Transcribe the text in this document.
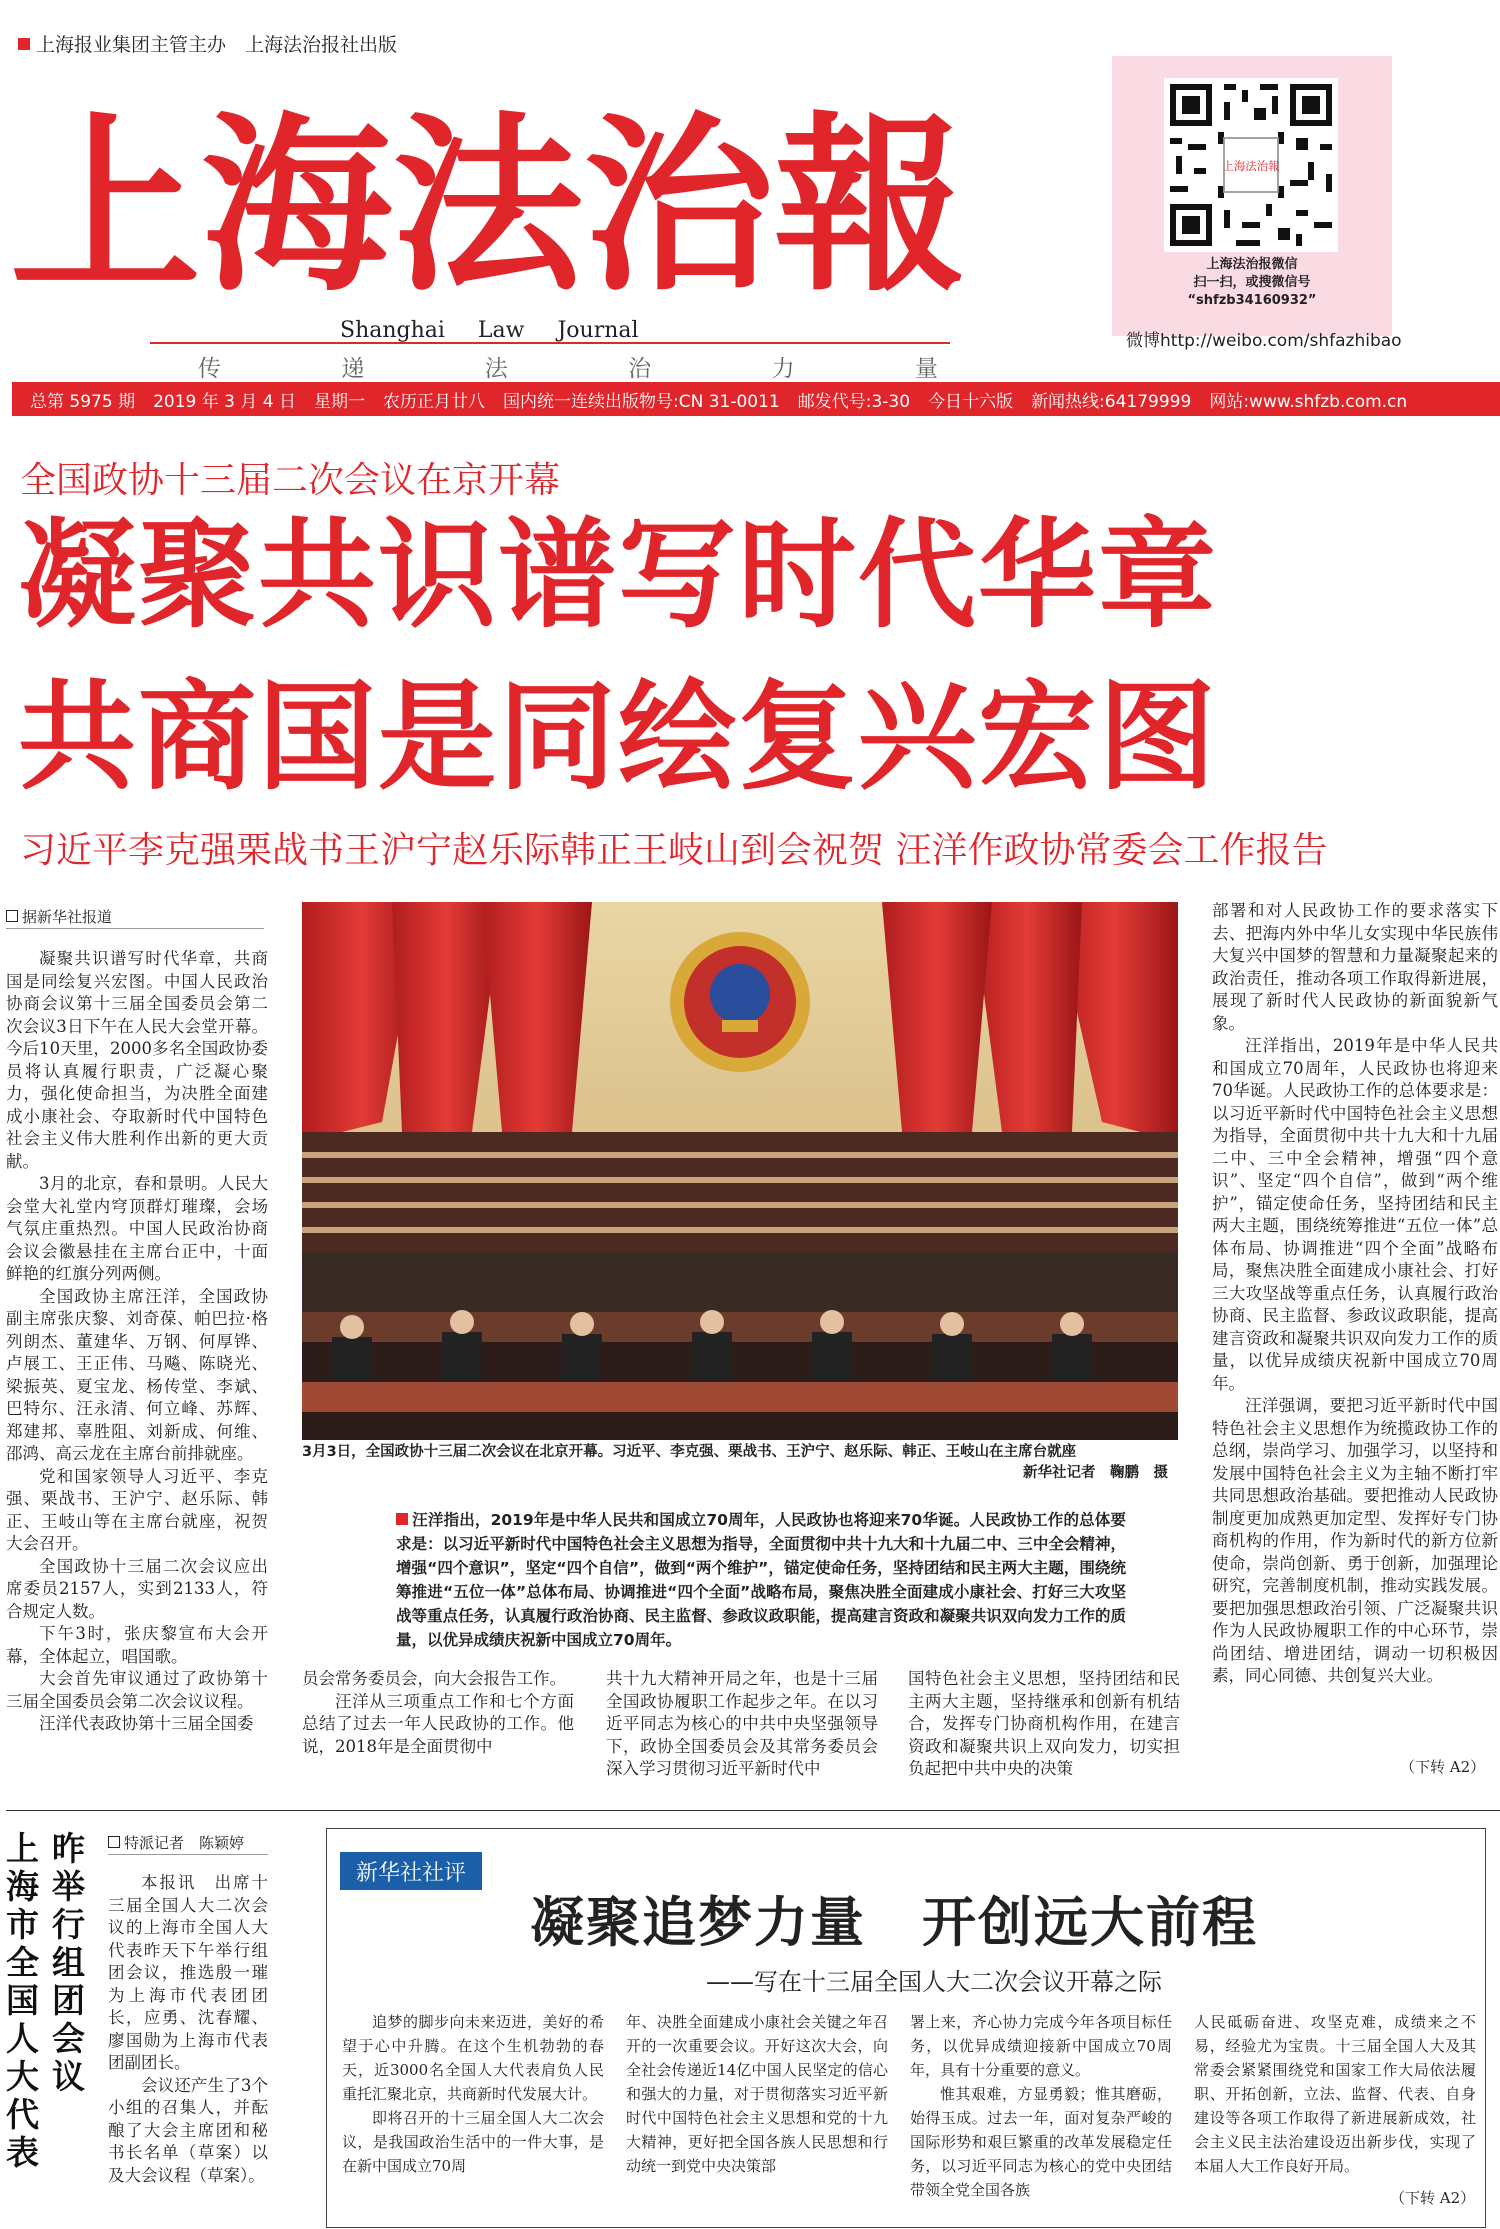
上海报业集团主管主办　上海法治报社出版
上海法治報
Shanghai Law Journal
传	递	法	治	力	量
上海法治報
上海法治报微信
扫一扫，或搜微信号
“shfzb34160932”
微博http://weibo.com/shfazhibao
总第 5975 期 2019 年 3 月 4 日 星期一 农历正月廿八 国内统一连续出版物号:CN 31-0011 邮发代号:3-30 今日十六版 新闻热线:64179999 网站:www.shfzb.com.cn
全国政协十三届二次会议在京开幕
凝聚共识谱写时代华章
共商国是同绘复兴宏图
习近平李克强栗战书王沪宁赵乐际韩正王岐山到会祝贺 汪洋作政协常委会工作报告
据新华社报道

凝聚共识谱写时代华章，共商国是同绘复兴宏图。中国人民政治协商会议第十三届全国委员会第二次会议3日下午在人民大会堂开幕。今后10天里，2000多名全国政协委员将认真履行职责，广泛凝心聚力，强化使命担当，为决胜全面建成小康社会、夺取新时代中国特色社会主义伟大胜利作出新的更大贡献。

3月的北京，春和景明。人民大会堂大礼堂内穹顶群灯璀璨，会场气氛庄重热烈。中国人民政治协商会议会徽悬挂在主席台正中，十面鲜艳的红旗分列两侧。

全国政协主席汪洋，全国政协副主席张庆黎、刘奇葆、帕巴拉·格列朗杰、董建华、万钢、何厚铧、卢展工、王正伟、马飚、陈晓光、梁振英、夏宝龙、杨传堂、李斌、巴特尔、汪永清、何立峰、苏辉、郑建邦、辜胜阻、刘新成、何维、邵鸿、高云龙在主席台前排就座。

党和国家领导人习近平、李克强、栗战书、王沪宁、赵乐际、韩正、王岐山等在主席台就座，祝贺大会召开。

全国政协十三届二次会议应出席委员2157人，实到2133人，符合规定人数。

下午3时，张庆黎宣布大会开幕，全体起立，唱国歌。

大会首先审议通过了政协第十三届全国委员会第二次会议议程。

汪洋代表政协第十三届全国委

3月3日，全国政协十三届二次会议在北京开幕。习近平、李克强、栗战书、王沪宁、赵乐际、韩正、王岐山在主席台就座
新华社记者　鞠鹏　摄
汪洋指出，2019年是中华人民共和国成立70周年，人民政协也将迎来70华诞。人民政协工作的总体要求是：以习近平新时代中国特色社会主义思想为指导，全面贯彻中共十九大和十九届二中、三中全会精神，增强“四个意识”，坚定“四个自信”，做到“两个维护”，锚定使命任务，坚持团结和民主两大主题，围绕统筹推进“五位一体”总体布局、协调推进“四个全面”战略布局，聚焦决胜全面建成小康社会、打好三大攻坚战等重点任务，认真履行政治协商、民主监督、参政议政职能，提高建言资政和凝聚共识双向发力工作的质量，以优异成绩庆祝新中国成立70周年。

员会常务委员会，向大会报告工作。

汪洋从三项重点工作和七个方面总结了过去一年人民政协的工作。他说，2018年是全面贯彻中

共十九大精神开局之年，也是十三届全国政协履职工作起步之年。在以习近平同志为核心的中共中央坚强领导下，政协全国委员会及其常务委员会深入学习贯彻习近平新时代中

国特色社会主义思想，坚持团结和民主两大主题，坚持继承和创新有机结合，发挥专门协商机构作用，在建言资政和凝聚共识上双向发力，切实担负起把中共中央的决策

部署和对人民政协工作的要求落实下去、把海内外中华儿女实现中华民族伟大复兴中国梦的智慧和力量凝聚起来的政治责任，推动各项工作取得新进展，展现了新时代人民政协的新面貌新气象。

汪洋指出，2019年是中华人民共和国成立70周年，人民政协也将迎来70华诞。人民政协工作的总体要求是：以习近平新时代中国特色社会主义思想为指导，全面贯彻中共十九大和十九届二中、三中全会精神，增强“四个意识”、坚定“四个自信”，做到“两个维护”，锚定使命任务，坚持团结和民主两大主题，围绕统筹推进“五位一体”总体布局、协调推进“四个全面”战略布局，聚焦决胜全面建成小康社会、打好三大攻坚战等重点任务，认真履行政治协商、民主监督、参政议政职能，提高建言资政和凝聚共识双向发力工作的质量，以优异成绩庆祝新中国成立70周年。

汪洋强调，要把习近平新时代中国特色社会主义思想作为统揽政协工作的总纲，崇尚学习、加强学习，以坚持和发展中国特色社会主义为主轴不断打牢共同思想政治基础。要把推动人民政协制度更加成熟更加定型、发挥好专门协商机构的作用，作为新时代的新方位新使命，崇尚创新、勇于创新，加强理论研究，完善制度机制，推动实践发展。要把加强思想政治引领、广泛凝聚共识作为人民政协履职工作的中心环节，崇尚团结、增进团结，调动一切积极因素，同心同德、共创复兴大业。

（下转 A2）
昨举行组团会议
上海市全国人大代表
特派记者　陈颖婷

本报讯　出席十三届全国人大二次会议的上海市全国人大代表昨天下午举行组团会议，推选殷一璀为上海市代表团团长，应勇、沈春耀、廖国勋为上海市代表团副团长。

会议还产生了3个小组的召集人，并酝酿了大会主席团和秘书长名单（草案）以及大会议程（草案）。

新华社社评
凝聚追梦力量　开创远大前程
——写在十三届全国人大二次会议开幕之际

追梦的脚步向未来迈进，美好的希望于心中升腾。在这个生机勃勃的春天，近3000名全国人大代表肩负人民重托汇聚北京，共商新时代发展大计。

即将召开的十三届全国人大二次会议，是我国政治生活中的一件大事，是在新中国成立70周

年、决胜全面建成小康社会关键之年召开的一次重要会议。开好这次大会，向全社会传递近14亿中国人民坚定的信心和强大的力量，对于贯彻落实习近平新时代中国特色社会主义思想和党的十九大精神，更好把全国各族人民思想和行动统一到党中央决策部

署上来，齐心协力完成今年各项目标任务，以优异成绩迎接新中国成立70周年，具有十分重要的意义。

惟其艰难，方显勇毅；惟其磨砺，始得玉成。过去一年，面对复杂严峻的国际形势和艰巨繁重的改革发展稳定任务，以习近平同志为核心的党中央团结带领全党全国各族

人民砥砺奋进、攻坚克难，成绩来之不易，经验尤为宝贵。十三届全国人大及其常委会紧紧围绕党和国家工作大局依法履职、开拓创新，立法、监督、代表、自身建设等各项工作取得了新进展新成效，社会主义民主法治建设迈出新步伐，实现了本届人大工作良好开局。

（下转 A2）
